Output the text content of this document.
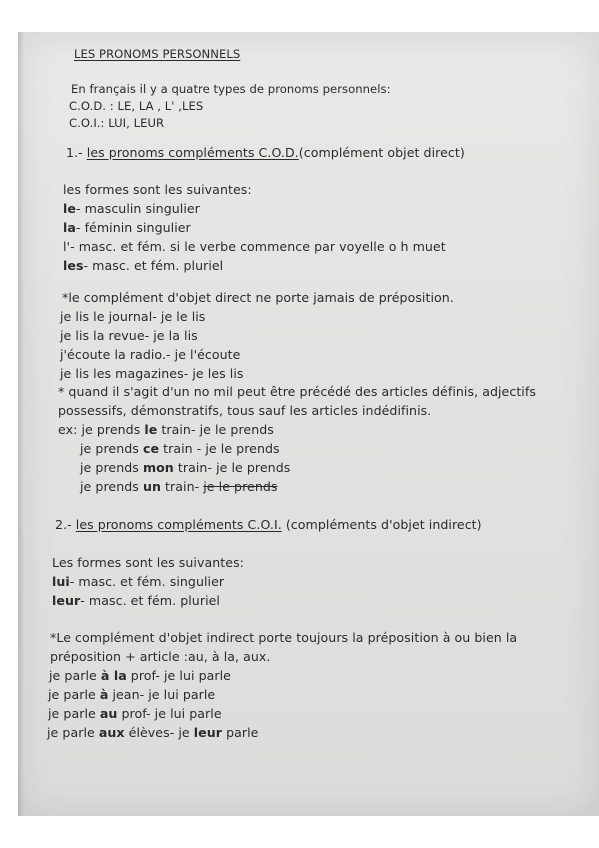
LES PRONOMS PERSONNELS
En français il y a quatre types de pronoms personnels:
C.O.D. : LE, LA , L' ,LES
C.O.I.: LUI, LEUR
1.- les pronoms compléments C.O.D.(complément objet direct)
les formes sont les suivantes:
le- masculin singulier
la- féminin singulier
l'- masc. et fém. si le verbe commence par voyelle o h muet
les- masc. et fém. pluriel
*le complément d'objet direct ne porte jamais de préposition.
je lis le journal- je le lis
je lis la revue- je la lis
j'écoute la radio.- je l'écoute
je lis les magazines- je les lis
* quand il s'agit d'un no mil peut être précédé des articles définis, adjectifs
possessifs, démonstratifs, tous sauf les articles indédifinis.
ex: je prends le train- je le prends
je prends ce train - je le prends
je prends mon train- je le prends
je prends un train- je le prends
2.- les pronoms compléments C.O.I. (compléments d'objet indirect)
Les formes sont les suivantes:
lui- masc. et fém. singulier
leur- masc. et fém. pluriel
*Le complément d'objet indirect porte toujours la préposition à ou bien la
préposition + article :au, à la, aux.
je parle à la prof- je lui parle
je parle à jean- je lui parle
je parle au prof- je lui parle
je parle aux élèves- je leur parle
